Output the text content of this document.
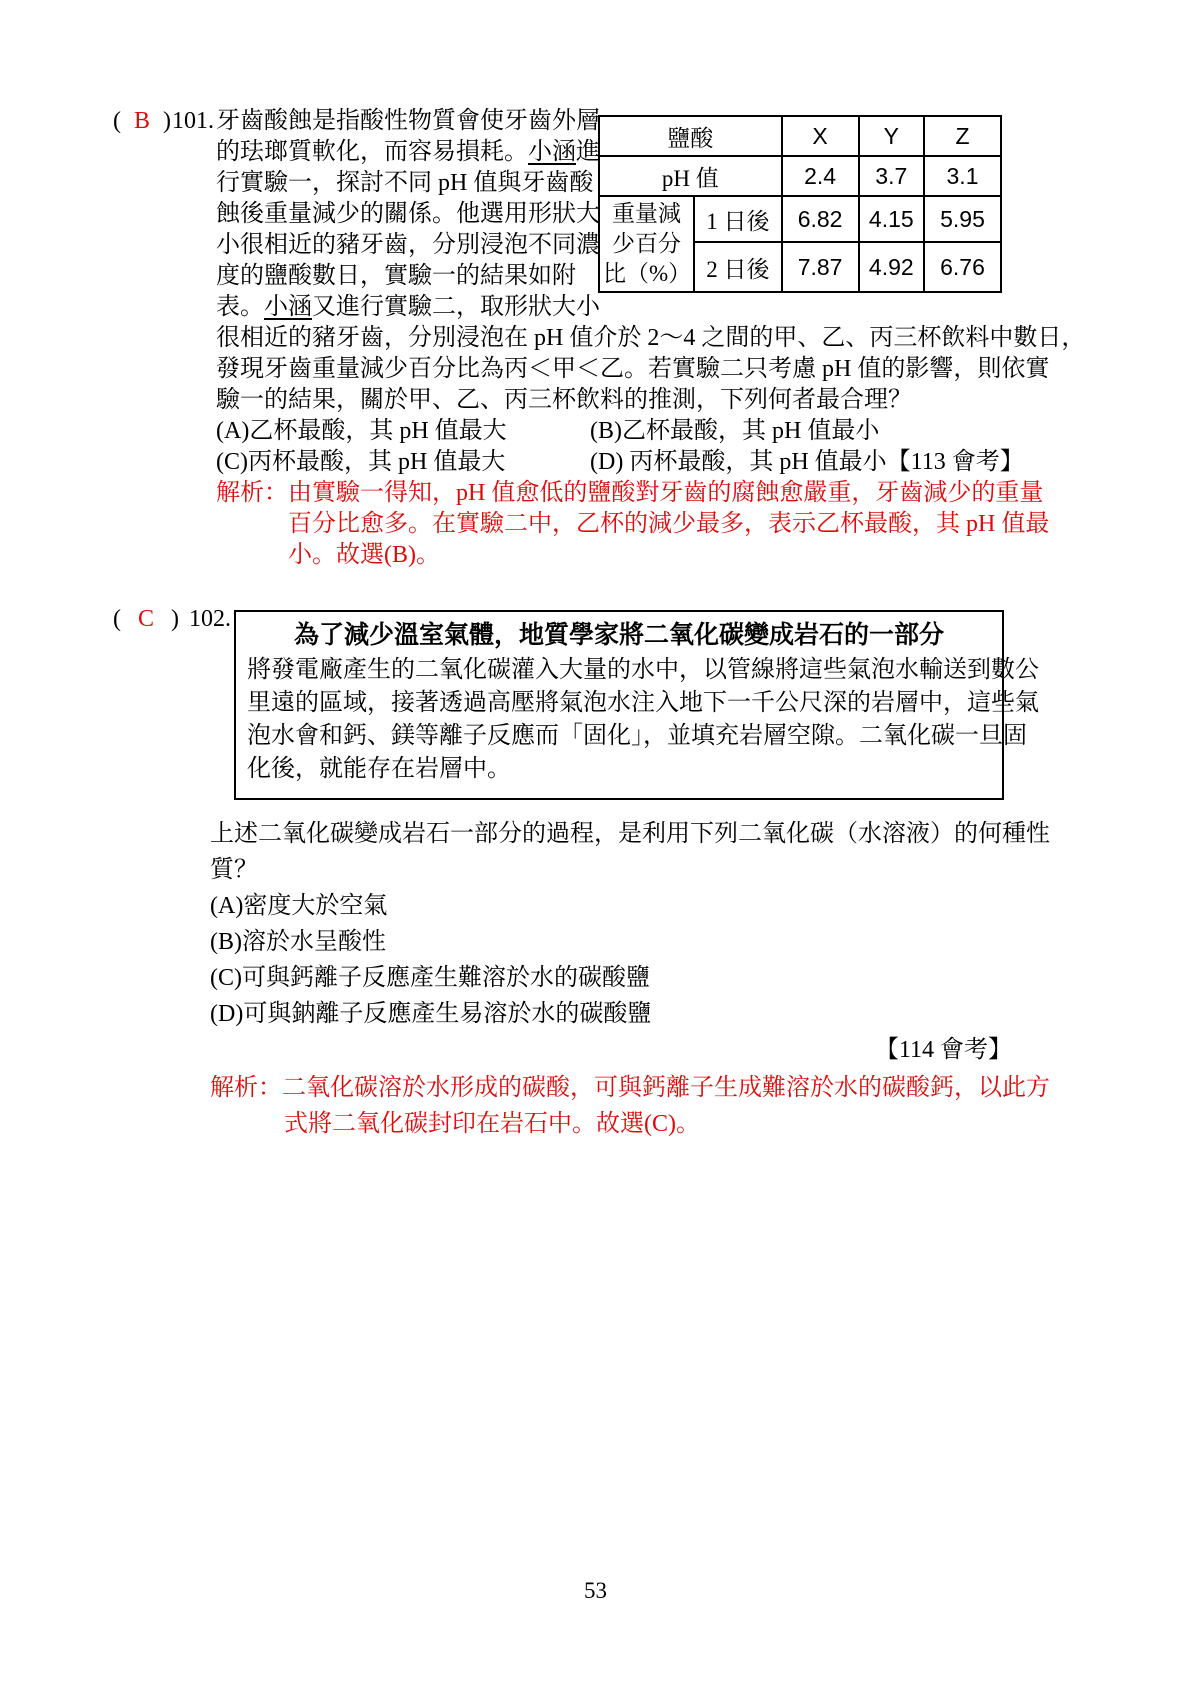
( B )101. 牙齒酸蝕是指酸性物質會使牙齒外層
的珐瑯質軟化，而容易損耗。小涵進
行實驗一，探討不同 pH 值與牙齒酸
蝕後重量減少的關係。他選用形狀大
小很相近的豬牙齒，分別浸泡不同濃
度的鹽酸數日，實驗一的結果如附
表。小涵又進行實驗二，取形狀大小
鹽酸		X	Y	Z
pH 值		2.4	3.7	3.1

重量減
少百分
比（%）	1 日後	6.82	4.15	5.95
	2 日後	7.87	4.92	6.76
很相近的豬牙齒，分別浸泡在 pH 值介於 2～4 之間的甲、乙、丙三杯飲料中數日，
發現牙齒重量減少百分比為丙＜甲＜乙。若實驗二只考慮 pH 值的影響，則依實
驗一的結果，關於甲、乙、丙三杯飲料的推測，下列何者最合理？
(A)乙杯最酸，其 pH 值最大	(B)乙杯最酸，其 pH 值最小
(C)丙杯最酸，其 pH 值最大	(D) 丙杯最酸，其 pH 值最小【113 會考】
解析：由實驗一得知，pH 值愈低的鹽酸對牙齒的腐蝕愈嚴重，牙齒減少的重量
百分比愈多。在實驗二中，乙杯的減少最多，表示乙杯最酸，其 pH 值最
小。故選(B)。
( C ) 102.
為了減少溫室氣體，地質學家將二氧化碳變成岩石的一部分
將發電廠產生的二氧化碳灌入大量的水中，以管線將這些氣泡水輸送到數公
里遠的區域，接著透過高壓將氣泡水注入地下一千公尺深的岩層中，這些氣
泡水會和鈣、鎂等離子反應而「固化」，並填充岩層空隙。二氧化碳一旦固
化後，就能存在岩層中。
上述二氧化碳變成岩石一部分的過程，是利用下列二氧化碳（水溶液）的何種性
質？
(A)密度大於空氣
(B)溶於水呈酸性
(C)可與鈣離子反應產生難溶於水的碳酸鹽
(D)可與鈉離子反應產生易溶於水的碳酸鹽
【114 會考】
解析：二氧化碳溶於水形成的碳酸，可與鈣離子生成難溶於水的碳酸鈣，以此方
式將二氧化碳封印在岩石中。故選(C)。
53
